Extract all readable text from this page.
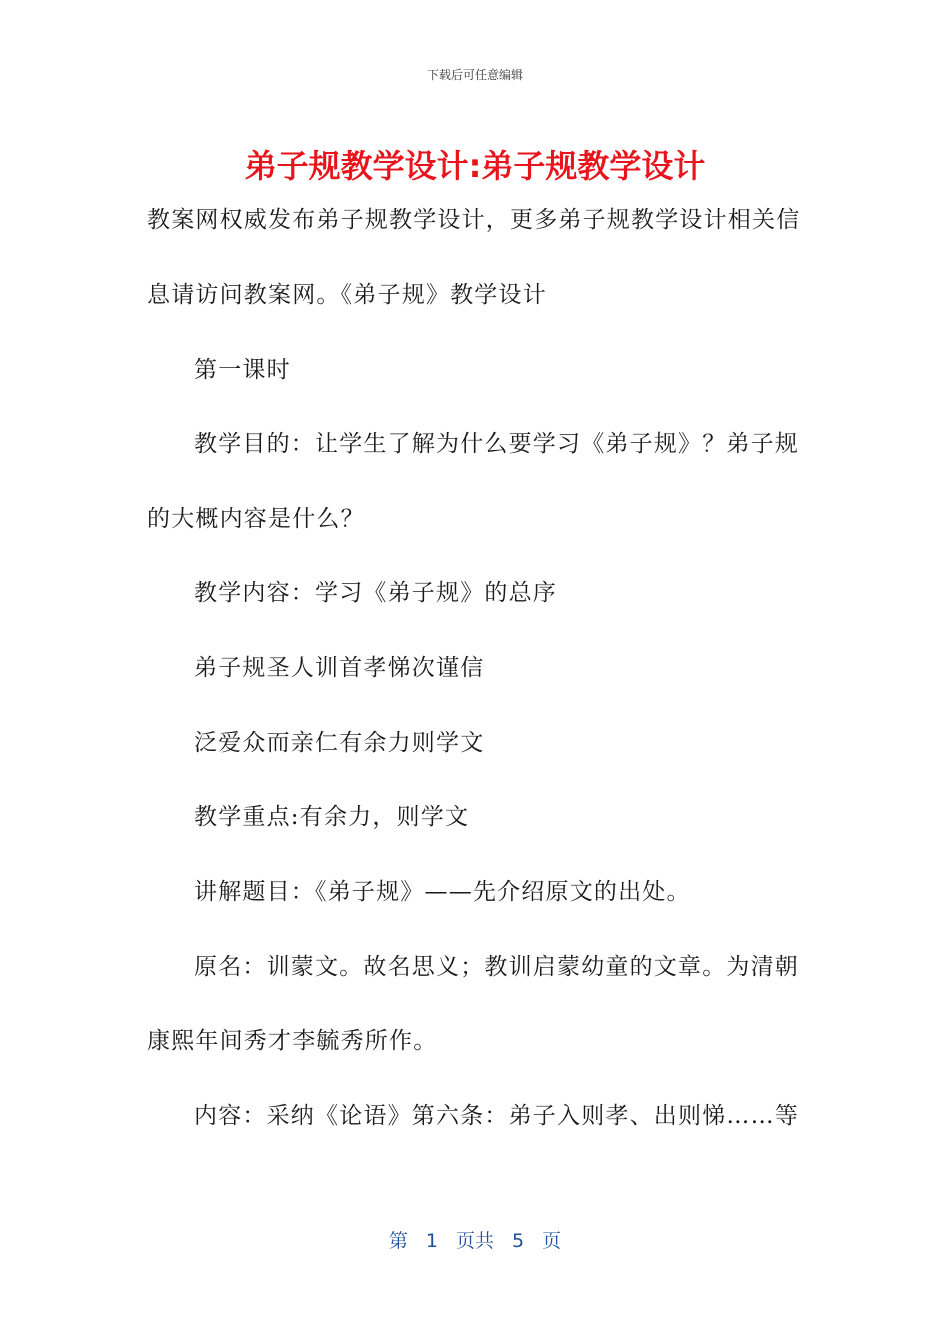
下载后可任意编辑
弟子规教学设计:弟子规教学设计
教案网权威发布弟子规教学设计，更多弟子规教学设计相关信
息请访问教案网。《弟子规》教学设计
第一课时
教学目的：让学生了解为什么要学习《弟子规》？弟子规
的大概内容是什么？
教学内容：学习《弟子规》的总序
弟子规圣人训首孝悌次谨信
泛爱众而亲仁有余力则学文
教学重点:有余力，则学文
讲解题目：《弟子规》——先介绍原文的出处。
原名：训蒙文。故名思义；教训启蒙幼童的文章。为清朝
康熙年间秀才李毓秀所作。
内容：采纳《论语》第六条：弟子入则孝、出则悌……等
第 1 页共 5 页
